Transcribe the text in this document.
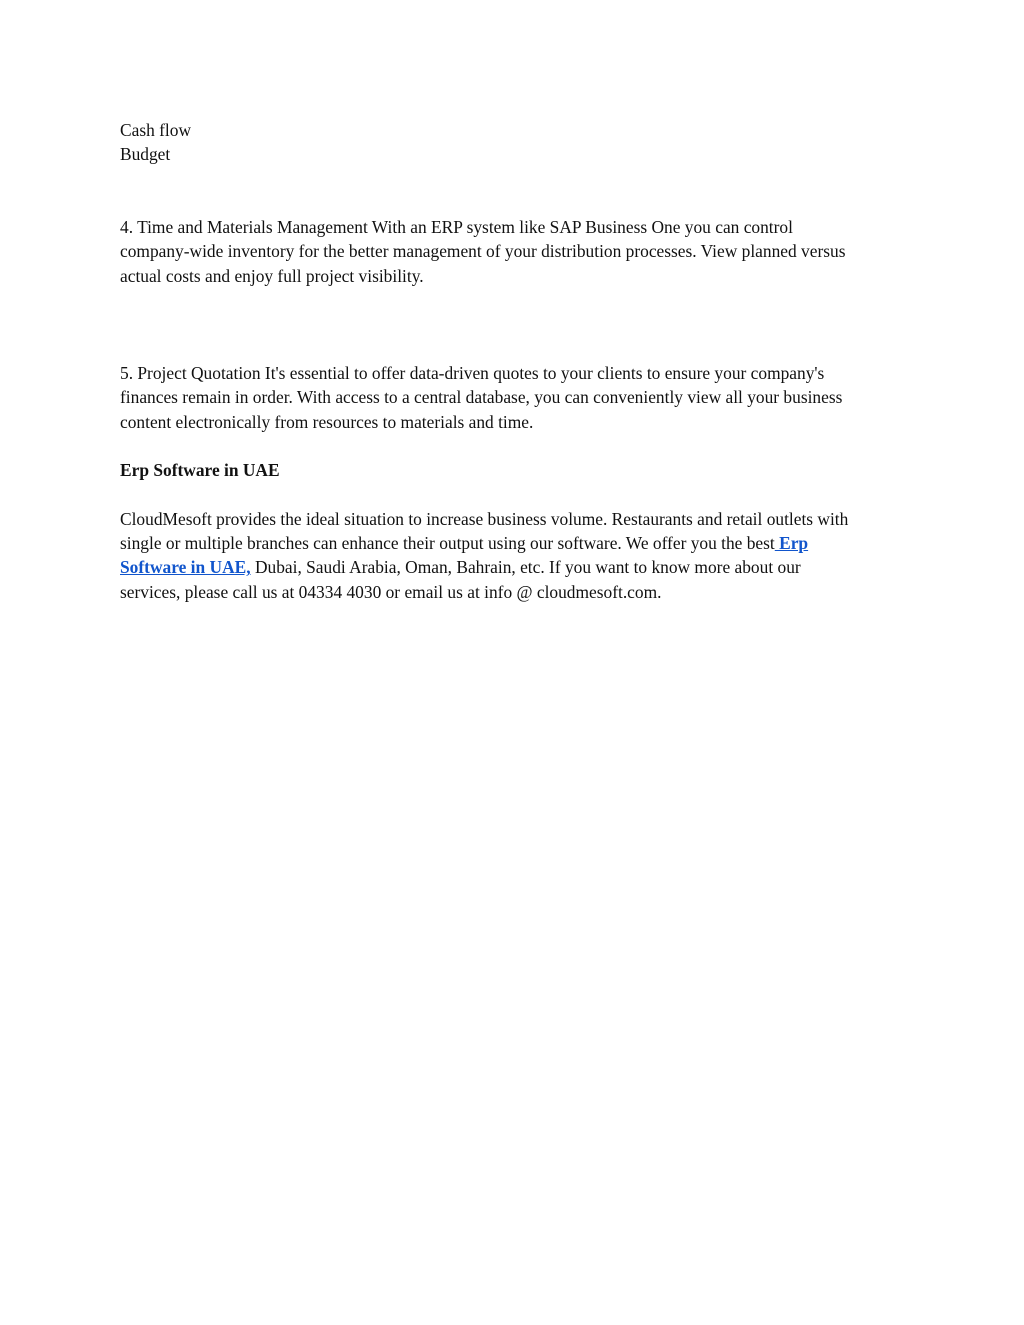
Cash flow
Budget
4. Time and Materials Management With an ERP system like SAP Business One you can control
company-wide inventory for the better management of your distribution processes. View planned versus
actual costs and enjoy full project visibility.
5. Project Quotation It's essential to offer data-driven quotes to your clients to ensure your company's
finances remain in order. With access to a central database, you can conveniently view all your business
content electronically from resources to materials and time.

Erp Software in UAE

CloudMesoft provides the ideal situation to increase business volume. Restaurants and retail outlets with
single or multiple branches can enhance their output using our software. We offer you the best Erp
Software in UAE, Dubai, Saudi Arabia, Oman, Bahrain, etc. If you want to know more about our
services, please call us at 04334 4030 or email us at info @ cloudmesoft.com.
